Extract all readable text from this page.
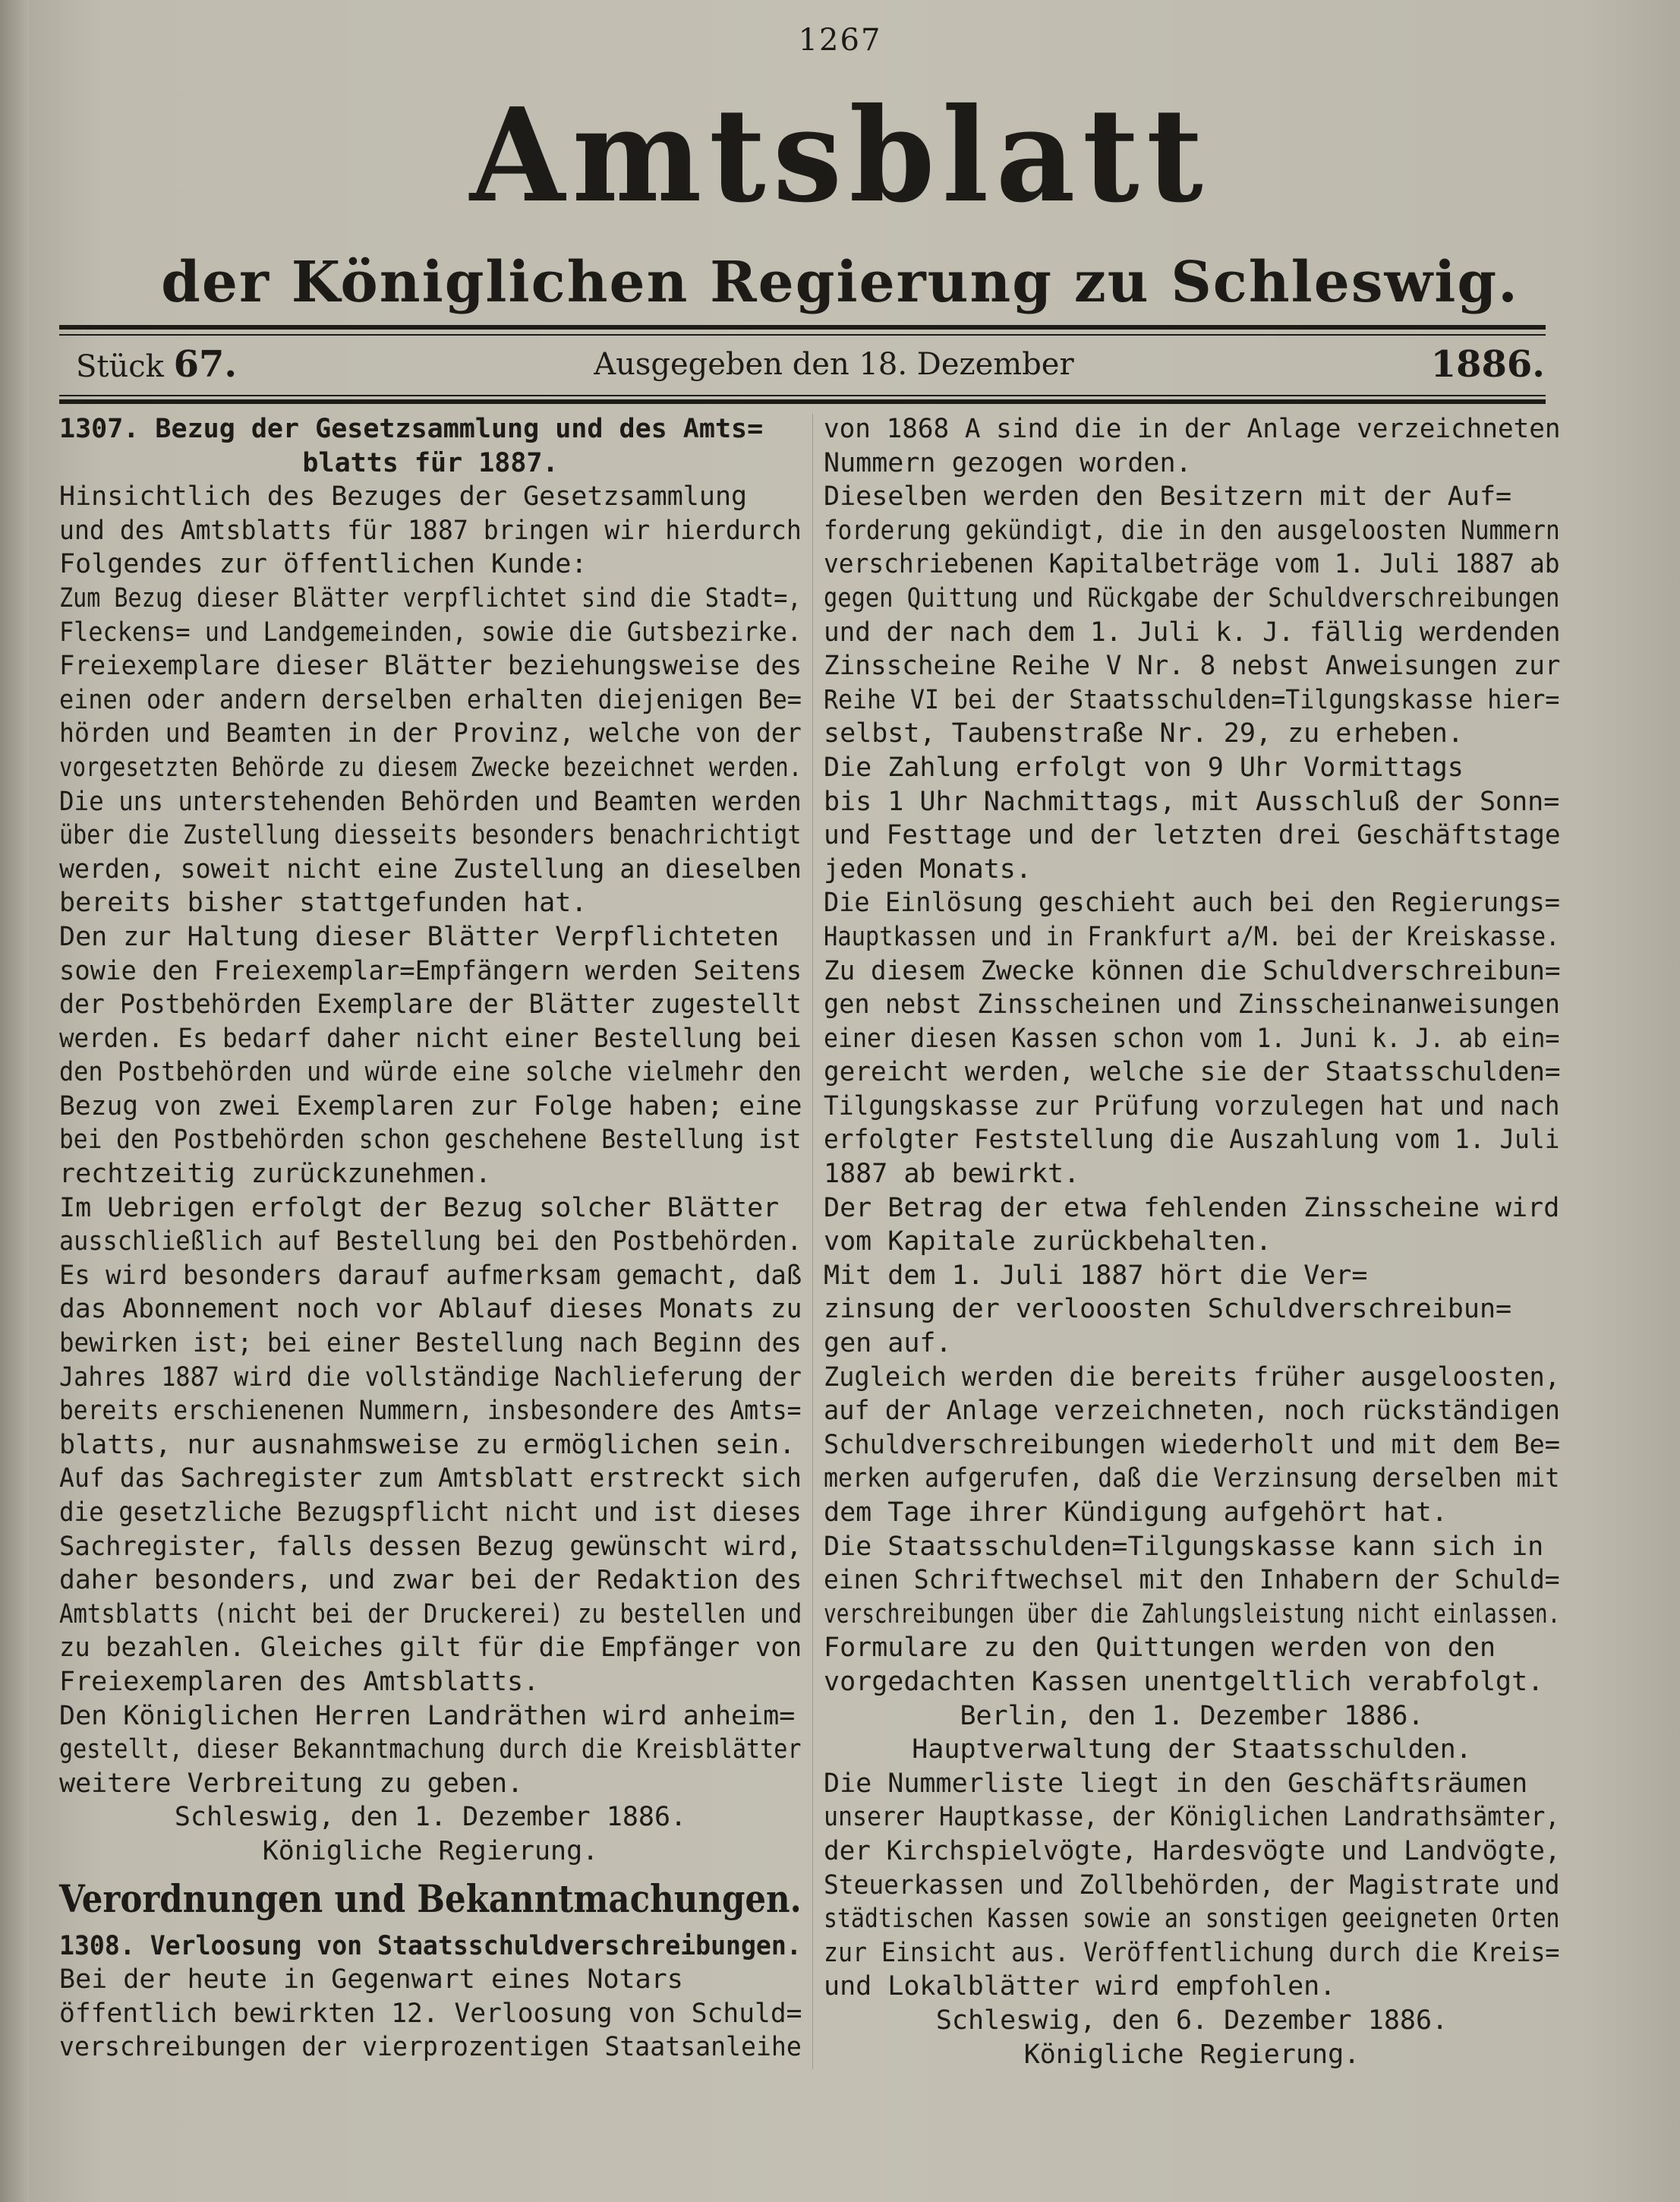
1267
Amtsblatt
der Königlichen Regierung zu Schleswig.
Stück 67.	Ausgegeben den 18. Dezember	1886.
1307. Bezug der Gesetzsammlung und des Amts=
blatts für 1887.
Hinsichtlich des Bezuges der Gesetzsammlung
und des Amtsblatts für 1887 bringen wir hierdurch
Folgendes zur öffentlichen Kunde:
Zum Bezug dieser Blätter verpflichtet sind die Stadt=,
Fleckens= und Landgemeinden, sowie die Gutsbezirke.
Freiexemplare dieser Blätter beziehungsweise des
einen oder andern derselben erhalten diejenigen Be=
hörden und Beamten in der Provinz, welche von der
vorgesetzten Behörde zu diesem Zwecke bezeichnet werden.
Die uns unterstehenden Behörden und Beamten werden
über die Zustellung diesseits besonders benachrichtigt
werden, soweit nicht eine Zustellung an dieselben
bereits bisher stattgefunden hat.
Den zur Haltung dieser Blätter Verpflichteten
sowie den Freiexemplar=Empfängern werden Seitens
der Postbehörden Exemplare der Blätter zugestellt
werden. Es bedarf daher nicht einer Bestellung bei
den Postbehörden und würde eine solche vielmehr den
Bezug von zwei Exemplaren zur Folge haben; eine
bei den Postbehörden schon geschehene Bestellung ist
rechtzeitig zurückzunehmen.
Im Uebrigen erfolgt der Bezug solcher Blätter
ausschließlich auf Bestellung bei den Postbehörden.
Es wird besonders darauf aufmerksam gemacht, daß
das Abonnement noch vor Ablauf dieses Monats zu
bewirken ist; bei einer Bestellung nach Beginn des
Jahres 1887 wird die vollständige Nachlieferung der
bereits erschienenen Nummern, insbesondere des Amts=
blatts, nur ausnahmsweise zu ermöglichen sein.
Auf das Sachregister zum Amtsblatt erstreckt sich
die gesetzliche Bezugspflicht nicht und ist dieses
Sachregister, falls dessen Bezug gewünscht wird,
daher besonders, und zwar bei der Redaktion des
Amtsblatts (nicht bei der Druckerei) zu bestellen und
zu bezahlen. Gleiches gilt für die Empfänger von
Freiexemplaren des Amtsblatts.
Den Königlichen Herren Landräthen wird anheim=
gestellt, dieser Bekanntmachung durch die Kreisblätter
weitere Verbreitung zu geben.
Schleswig, den 1. Dezember 1886.
Königliche Regierung.
Verordnungen und Bekanntmachungen.
1308. Verloosung von Staatsschuldverschreibungen.
Bei der heute in Gegenwart eines Notars
öffentlich bewirkten 12. Verloosung von Schuld=
verschreibungen der vierprozentigen Staatsanleihe
von 1868 A sind die in der Anlage verzeichneten
Nummern gezogen worden.
Dieselben werden den Besitzern mit der Auf=
forderung gekündigt, die in den ausgeloosten Nummern
verschriebenen Kapitalbeträge vom 1. Juli 1887 ab
gegen Quittung und Rückgabe der Schuldverschreibungen
und der nach dem 1. Juli k. J. fällig werdenden
Zinsscheine Reihe V Nr. 8 nebst Anweisungen zur
Reihe VI bei der Staatsschulden=Tilgungskasse hier=
selbst, Taubenstraße Nr. 29, zu erheben.
Die Zahlung erfolgt von 9 Uhr Vormittags
bis 1 Uhr Nachmittags, mit Ausschluß der Sonn=
und Festtage und der letzten drei Geschäftstage
jeden Monats.
Die Einlösung geschieht auch bei den Regierungs=
Hauptkassen und in Frankfurt a/M. bei der Kreiskasse.
Zu diesem Zwecke können die Schuldverschreibun=
gen nebst Zinsscheinen und Zinsscheinanweisungen
einer diesen Kassen schon vom 1. Juni k. J. ab ein=
gereicht werden, welche sie der Staatsschulden=
Tilgungskasse zur Prüfung vorzulegen hat und nach
erfolgter Feststellung die Auszahlung vom 1. Juli
1887 ab bewirkt.
Der Betrag der etwa fehlenden Zinsscheine wird
vom Kapitale zurückbehalten.
Mit dem 1. Juli 1887 hört die Ver=
zinsung der verlooosten Schuldverschreibun=
gen auf.
Zugleich werden die bereits früher ausgeloosten,
auf der Anlage verzeichneten, noch rückständigen
Schuldverschreibungen wiederholt und mit dem Be=
merken aufgerufen, daß die Verzinsung derselben mit
dem Tage ihrer Kündigung aufgehört hat.
Die Staatsschulden=Tilgungskasse kann sich in
einen Schriftwechsel mit den Inhabern der Schuld=
verschreibungen über die Zahlungsleistung nicht einlassen.
Formulare zu den Quittungen werden von den
vorgedachten Kassen unentgeltlich verabfolgt.
Berlin, den 1. Dezember 1886.
Hauptverwaltung der Staatsschulden.
Die Nummerliste liegt in den Geschäftsräumen
unserer Hauptkasse, der Königlichen Landrathsämter,
der Kirchspielvögte, Hardesvögte und Landvögte,
Steuerkassen und Zollbehörden, der Magistrate und
städtischen Kassen sowie an sonstigen geeigneten Orten
zur Einsicht aus. Veröffentlichung durch die Kreis=
und Lokalblätter wird empfohlen.
Schleswig, den 6. Dezember 1886.
Königliche Regierung.
